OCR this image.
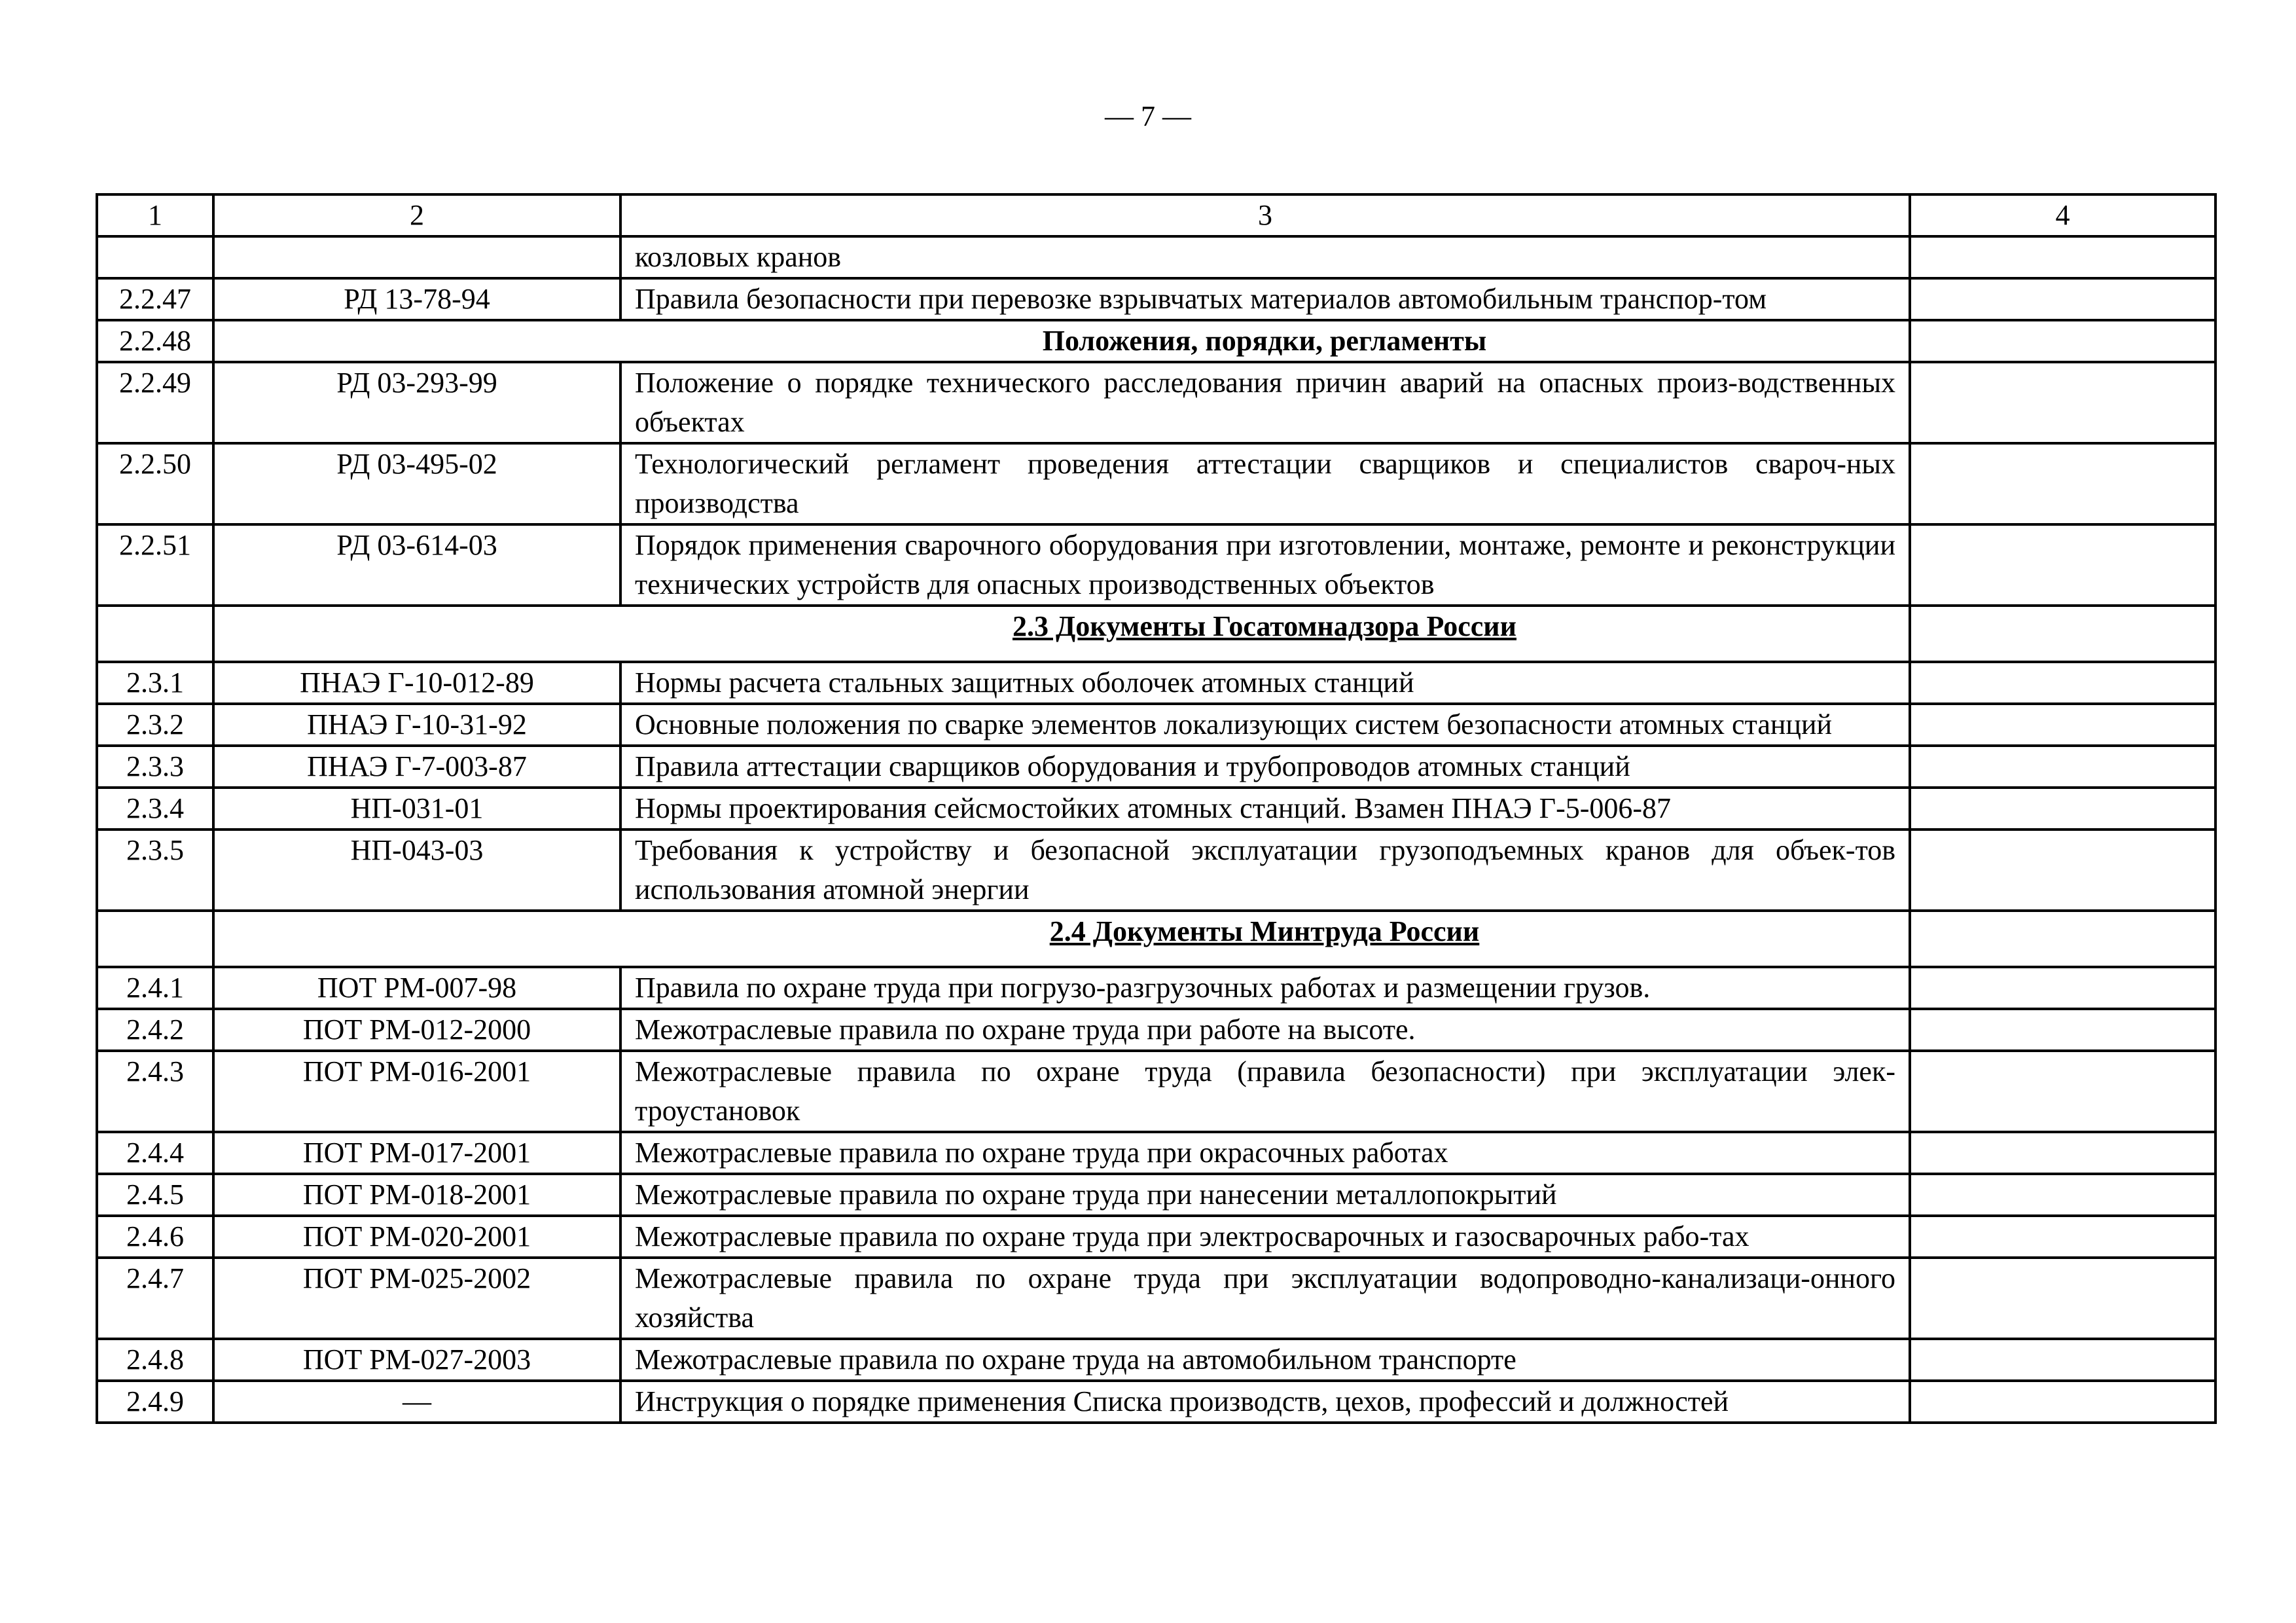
— 7 —
1	2	3	4
		козловых кранов	
2.2.47	РД 13-78-94	Правила безопасности при перевозке взрывчатых материалов автомобильным транспор-том	
2.2.48		Положения, порядки, регламенты	
2.2.49	РД 03-293-99	Положение о порядке технического расследования причин аварий на опасных произ-водственных объектах	
2.2.50	РД 03-495-02	Технологический регламент проведения аттестации сварщиков и специалистов свароч-ных производства	
2.2.51	РД 03-614-03	Порядок применения сварочного оборудования при изготовлении, монтаже, ремонте и реконструкции технических устройств для опасных производственных объектов	
		2.3 Документы Госатомнадзора России	
2.3.1	ПНАЭ Г-10-012-89	Нормы расчета стальных защитных оболочек атомных станций	
2.3.2	ПНАЭ Г-10-31-92	Основные положения по сварке элементов локализующих систем безопасности атомных станций	
2.3.3	ПНАЭ Г-7-003-87	Правила аттестации сварщиков оборудования и трубопроводов атомных станций	
2.3.4	НП-031-01	Нормы проектирования сейсмостойких атомных станций. Взамен ПНАЭ Г-5-006-87	
2.3.5	НП-043-03	Требования к устройству и безопасной эксплуатации грузоподъемных кранов для объек-тов использования атомной энергии	
		2.4 Документы Минтруда России	
2.4.1	ПОТ РМ-007-98	Правила по охране труда при погрузо-разгрузочных работах и размещении грузов.	
2.4.2	ПОТ РМ-012-2000	Межотраслевые правила по охране труда при работе на высоте.	
2.4.3	ПОТ РМ-016-2001	Межотраслевые правила по охране труда (правила безопасности) при эксплуатации элек-троустановок	
2.4.4	ПОТ РМ-017-2001	Межотраслевые правила по охране труда при окрасочных работах	
2.4.5	ПОТ РМ-018-2001	Межотраслевые правила по охране труда при нанесении металлопокрытий	
2.4.6	ПОТ РМ-020-2001	Межотраслевые правила по охране труда при электросварочных и газосварочных рабо-тах	
2.4.7	ПОТ РМ-025-2002	Межотраслевые правила по охране труда при эксплуатации водопроводно-канализаци-онного хозяйства	
2.4.8	ПОТ РМ-027-2003	Межотраслевые правила по охране труда на автомобильном транспорте	
2.4.9	—	Инструкция о порядке применения Списка производств, цехов, профессий и должностей	
